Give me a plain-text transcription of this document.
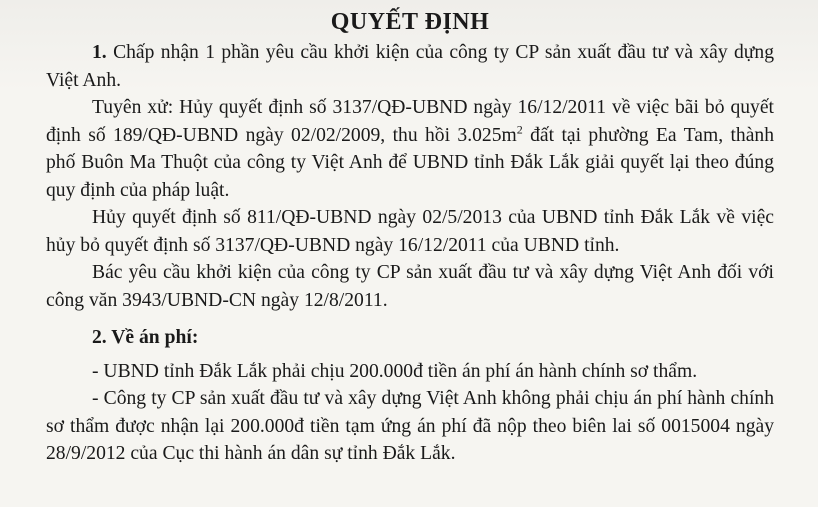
QUYẾT ĐỊNH

1. Chấp nhận 1 phần yêu cầu khởi kiện của công ty CP sản xuất đầu tư và xây dựng Việt Anh.

Tuyên xử: Hủy quyết định số 3137/QĐ-UBND ngày 16/12/2011 về việc bãi bỏ quyết định số 189/QĐ-UBND ngày 02/02/2009, thu hồi $3.025m^2$ đất tại phường Ea Tam, thành phố Buôn Ma Thuột của công ty Việt Anh để UBND tỉnh Đắk Lắk giải quyết lại theo đúng quy định của pháp luật.

Hủy quyết định số 811/QĐ-UBND ngày 02/5/2013 của UBND tỉnh Đắk Lắk về việc hủy bỏ quyết định số 3137/QĐ-UBND ngày 16/12/2011 của UBND tỉnh.

Bác yêu cầu khởi kiện của công ty CP sản xuất đầu tư và xây dựng Việt Anh đối với công văn 3943/UBND-CN ngày 12/8/2011.

2. Về án phí:

- UBND tỉnh Đắk Lắk phải chịu 200.000đ tiền án phí án hành chính sơ thẩm.

- Công ty CP sản xuất đầu tư và xây dựng Việt Anh không phải chịu án phí hành chính sơ thẩm được nhận lại 200.000đ tiền tạm ứng án phí đã nộp theo biên lai số 0015004 ngày 28/9/2012 của Cục thi hành án dân sự tỉnh Đắk Lắk.
